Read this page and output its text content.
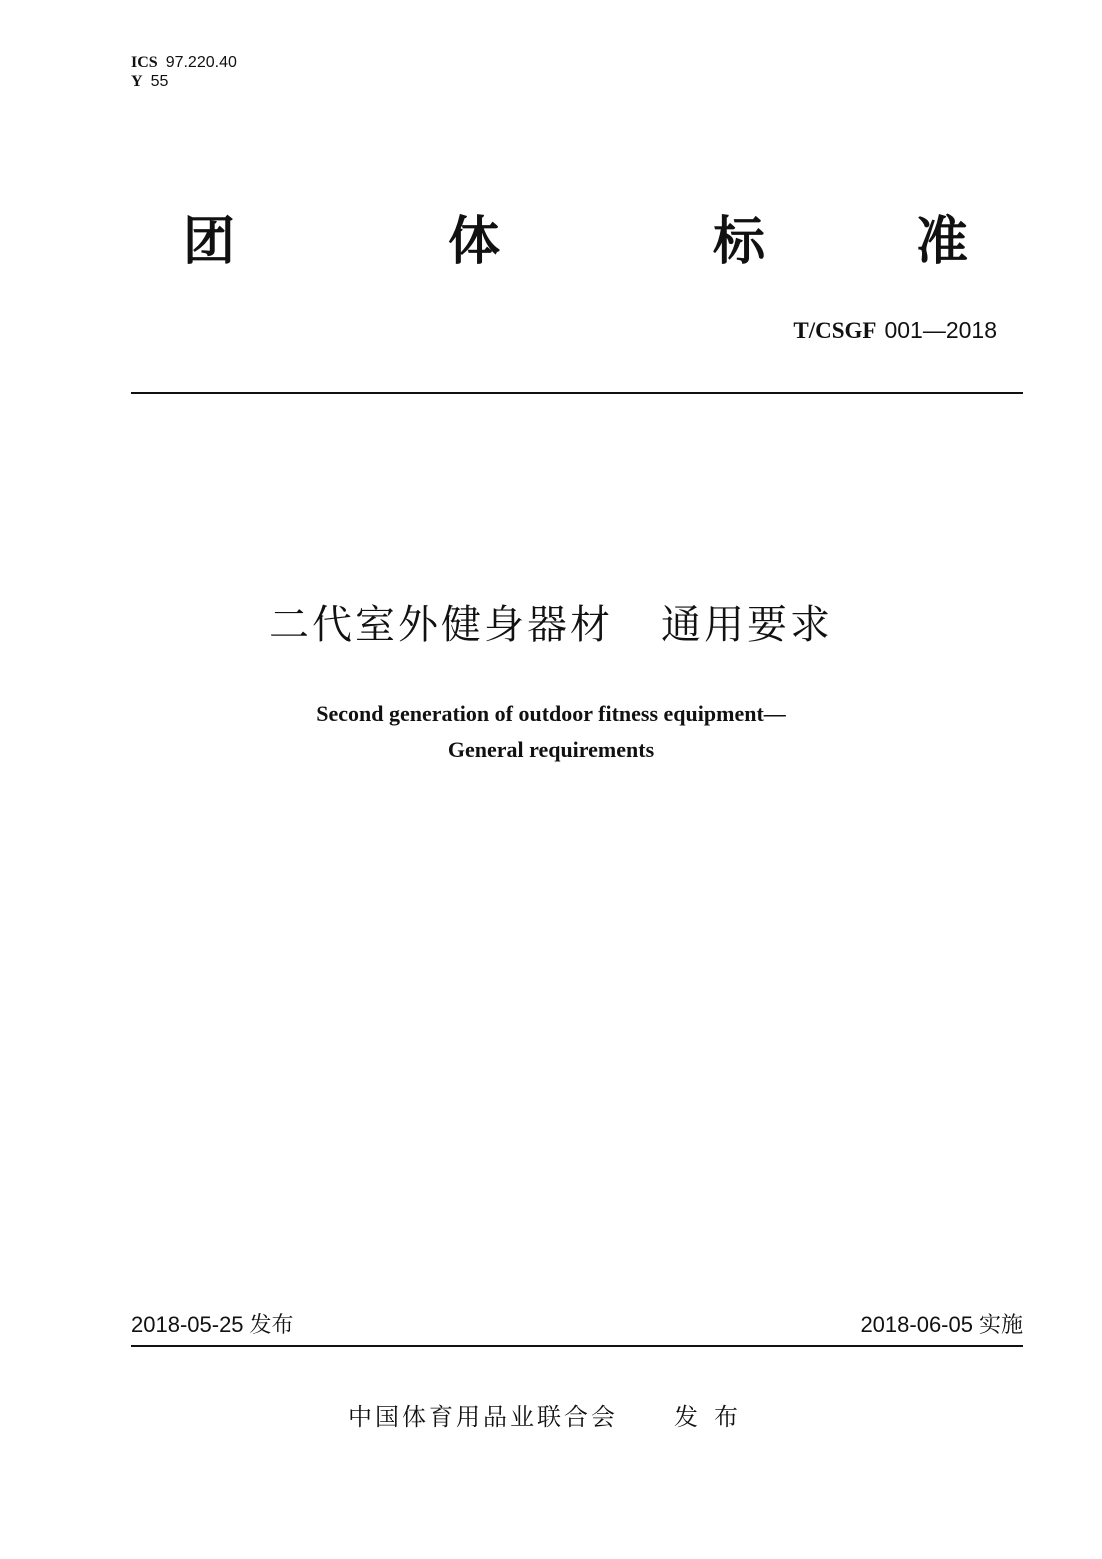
ICS 97.220.40
Y 55
团	体	标	准
T/CSGF 001—2018
二代室外健身器材 通用要求
Second generation of outdoor fitness equipment—
General requirements
2018-05-25 发布	2018-06-05 实施
中国体育用品业联合会 发布
